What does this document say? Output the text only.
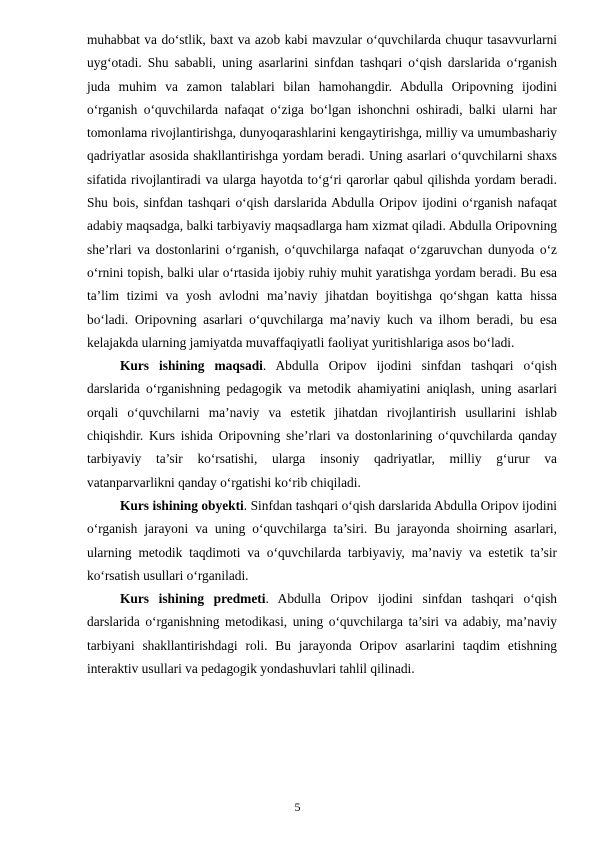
muhabbat va do‘stlik, baxt va azob kabi mavzular o‘quvchilarda chuqur tasavvurlarni uyg‘otadi. Shu sababli, uning asarlarini sinfdan tashqari o‘qish darslarida o‘rganish juda muhim va zamon talablari bilan hamohangdir. Abdulla Oripovning ijodini o‘rganish o‘quvchilarda nafaqat o‘ziga bo‘lgan ishonchni oshiradi, balki ularni har tomonlama rivojlantirishga, dunyoqarashlarini kengaytirishga, milliy va umumbashariy qadriyatlar asosida shakllantirishga yordam beradi. Uning asarlari o‘quvchilarni shaxs sifatida rivojlantiradi va ularga hayotda to‘g‘ri qarorlar qabul qilishda yordam beradi. Shu bois, sinfdan tashqari o‘qish darslarida Abdulla Oripov ijodini o‘rganish nafaqat adabiy maqsadga, balki tarbiyaviy maqsadlarga ham xizmat qiladi. Abdulla Oripovning she’rlari va dostonlarini o‘rganish, o‘quvchilarga nafaqat o‘zgaruvchan dunyoda o‘z o‘rnini topish, balki ular o‘rtasida ijobiy ruhiy muhit yaratishga yordam beradi. Bu esa ta’lim tizimi va yosh avlodni ma’naviy jihatdan boyitishga qo‘shgan katta hissa bo‘ladi. Oripovning asarlari o‘quvchilarga ma’naviy kuch va ilhom beradi, bu esa kelajakda ularning jamiyatda muvaffaqiyatli faoliyat yuritishlariga asos bo‘ladi.

Kurs ishining maqsadi. Abdulla Oripov ijodini sinfdan tashqari o‘qish darslarida o‘rganishning pedagogik va metodik ahamiyatini aniqlash, uning asarlari orqali o‘quvchilarni ma’naviy va estetik jihatdan rivojlantirish usullarini ishlab chiqishdir. Kurs ishida Oripovning she’rlari va dostonlarining o‘quvchilarda qanday tarbiyaviy ta’sir ko‘rsatishi, ularga insoniy qadriyatlar, milliy g‘urur va vatanparvarlikni qanday o‘rgatishi ko‘rib chiqiladi.

Kurs ishining obyekti. Sinfdan tashqari o‘qish darslarida Abdulla Oripov ijodini o‘rganish jarayoni va uning o‘quvchilarga ta’siri. Bu jarayonda shoirning asarlari, ularning metodik taqdimoti va o‘quvchilarda tarbiyaviy, ma’naviy va estetik ta’sir ko‘rsatish usullari o‘rganiladi.

Kurs ishining predmeti. Abdulla Oripov ijodini sinfdan tashqari o‘qish darslarida o‘rganishning metodikasi, uning o‘quvchilarga ta’siri va adabiy, ma’naviy tarbiyani shakllantirishdagi roli. Bu jarayonda Oripov asarlarini taqdim etishning interaktiv usullari va pedagogik yondashuvlari tahlil qilinadi.

5
